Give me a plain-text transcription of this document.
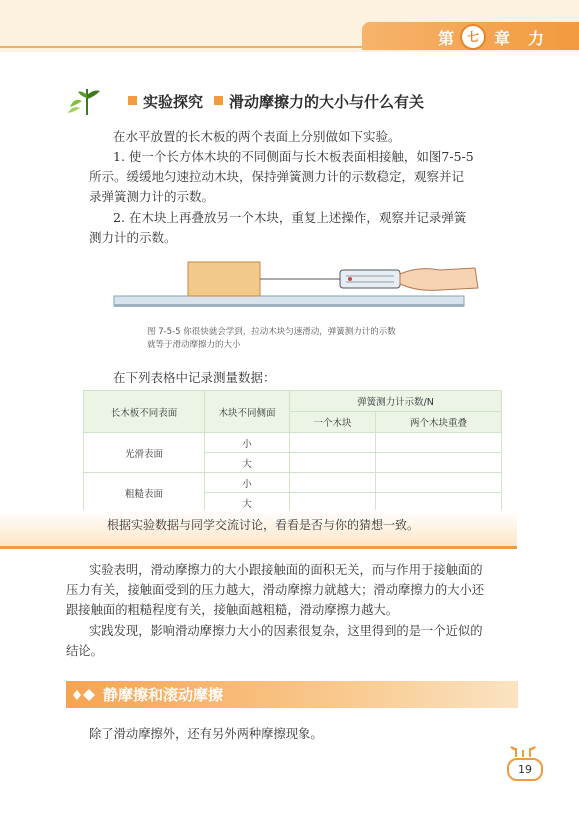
第 七 章 力
实验探究 滑动摩擦力的大小与什么有关
在水平放置的长木板的两个表面上分别做如下实验。
1. 使一个长方体木块的不同侧面与长木板表面相接触，如图7-5-5
所示。缓缓地匀速拉动木块，保持弹簧测力计的示数稳定，观察并记
录弹簧测力计的示数。
2. 在木块上再叠放另一个木块，重复上述操作，观察并记录弹簧
测力计的示数。
图 7-5-5 你很快就会学到，拉动木块匀速滑动，弹簧测力计的示数
就等于滑动摩擦力的大小
在下列表格中记录测量数据：
长木板不同表面	木块不同侧面	弹簧测力计示数/N	
		一个木块	两个木块重叠
光滑表面	小		
	大		
粗糙表面	小		
	大		
根据实验数据与同学交流讨论，看看是否与你的猜想一致。
实验表明，滑动摩擦力的大小跟接触面的面积无关，而与作用于接触面的
压力有关，接触面受到的压力越大，滑动摩擦力就越大；滑动摩擦力的大小还
跟接触面的粗糙程度有关，接触面越粗糙，滑动摩擦力越大。
实践发现，影响滑动摩擦力大小的因素很复杂，这里得到的是一个近似的
结论。
静摩擦和滚动摩擦
除了滑动摩擦外，还有另外两种摩擦现象。
19
